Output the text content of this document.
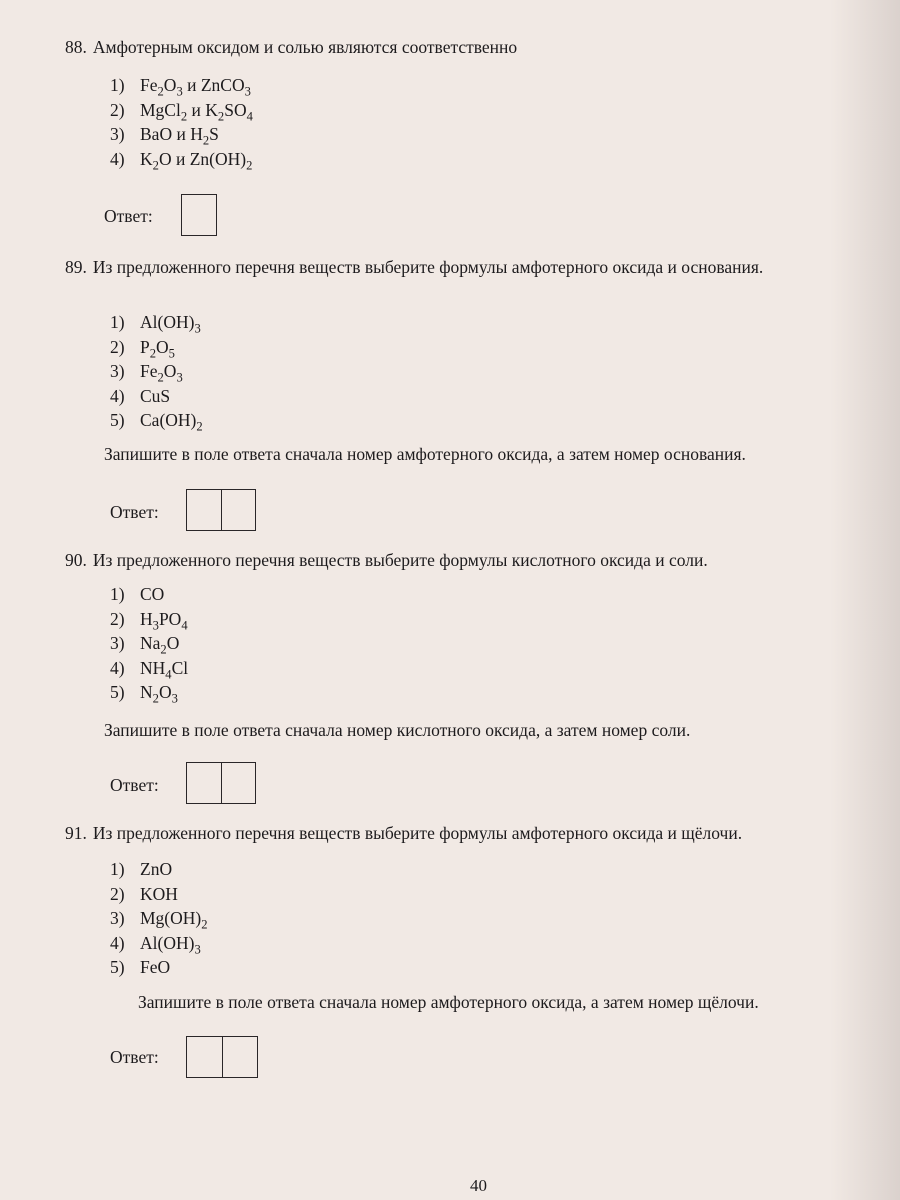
88. Амфотерным оксидом и солью являются соответственно
1) $Fe_2O_3$ и ZnCO$_3$
2) MgCl$_2$ и $K_2SO_4$
3) BaO и $H_2S$
4) $K_2O$ и $Zn(OH)_2$
Ответ:
89. Из предложенного перечня веществ выберите формулы амфотерного оксида и основания.
1) $Al(OH)_3$
2) $P_2O_5$
3) $Fe_2O_3$
4) CuS
5) $Ca(OH)_2$
Запишите в поле ответа сначала номер амфотерного оксида, а затем номер основания.
Ответ:
90. Из предложенного перечня веществ выберите формулы кислотного оксида и соли.
1) CO
2) $H_3PO_4$
3) $Na_2O$
4) $NH_4Cl$
5) $N_2O_3$
Запишите в поле ответа сначала номер кислотного оксида, а затем номер соли.
Ответ:
91. Из предложенного перечня веществ выберите формулы амфотерного оксида и щёлочи.
1) ZnO
2) KOH
3) $Mg(OH)_2$
4) $Al(OH)_3$
5) FeO
Запишите в поле ответа сначала номер амфотерного оксида, а затем номер щёлочи.
Ответ:
40
